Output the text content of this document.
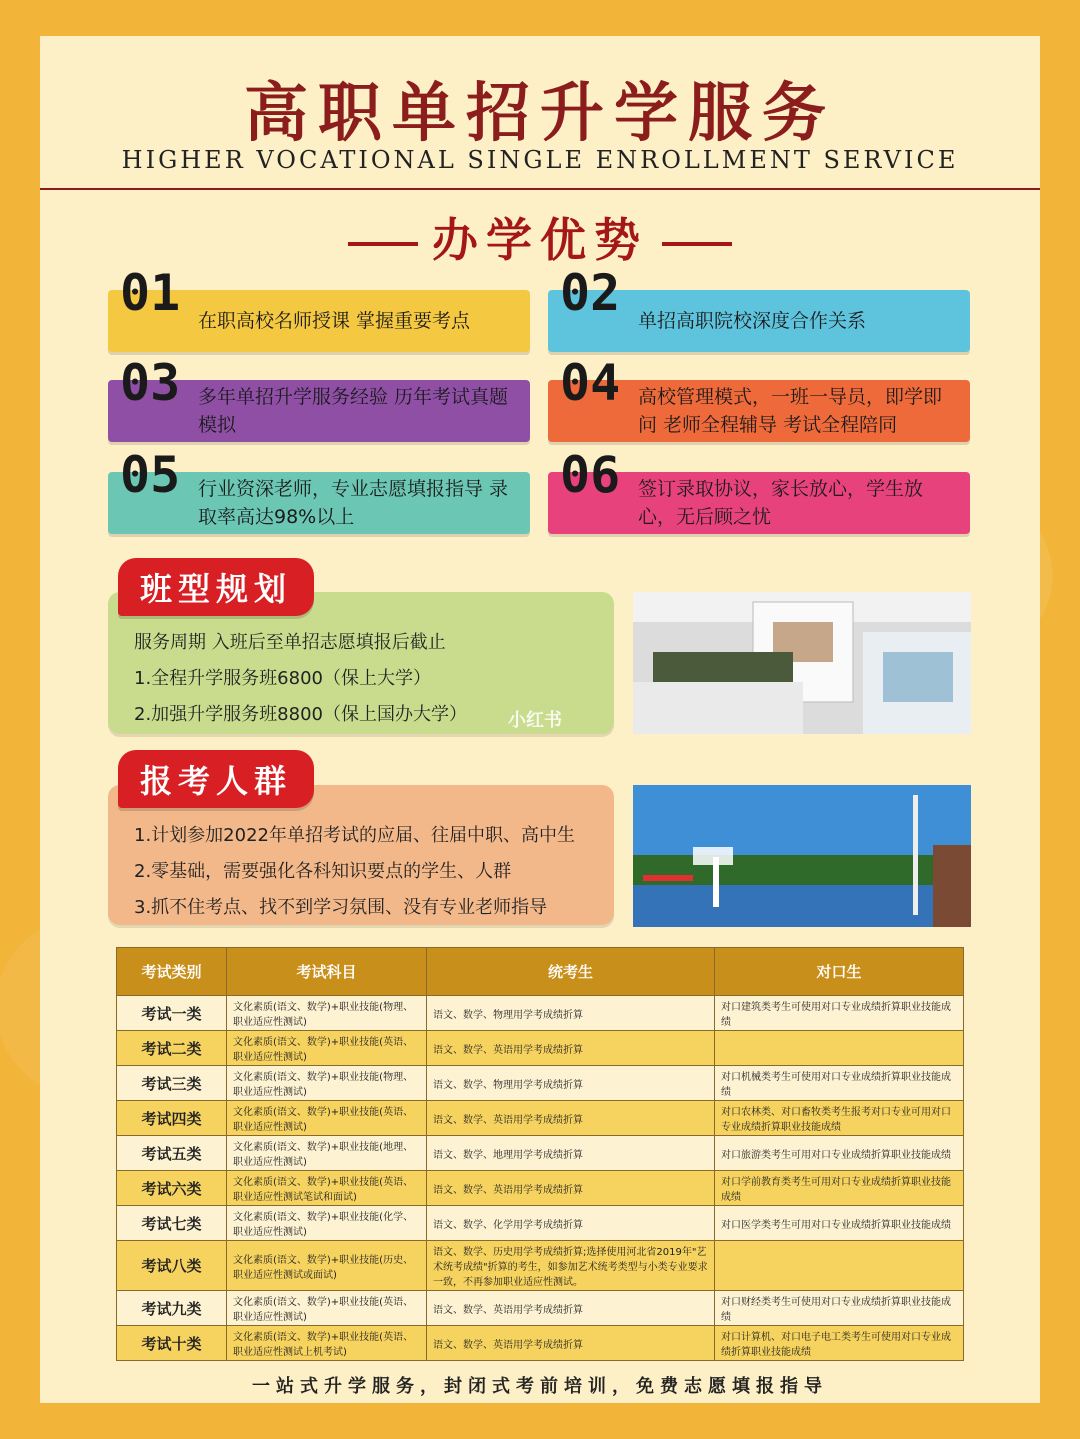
高职单招升学服务
HIGHER VOCATIONAL SINGLE ENROLLMENT SERVICE
办学优势
01 在职高校名师授课 掌握重要考点	02 单招高职院校深度合作关系
03 多年单招升学服务经验 历年考试真题模拟
04 高校管理模式，一班一导员，即学即问 老师全程辅导 考试全程陪同
05 行业资深老师，专业志愿填报指导 录取率高达98%以上
06 签订录取协议，家长放心，学生放心，无后顾之忧

服务周期 入班后至单招志愿填报后截止

1.全程升学服务班6800（保上大学）

2.加强升学服务班8800（保上国办大学）

班型规划
小红书

1.计划参加2022年单招考试的应届、往届中职、高中生

2.零基础，需要强化各科知识要点的学生、人群

3.抓不住考点、找不到学习氛围、没有专业老师指导

报考人群
考试类别	考试科目	统考生	对口生
考试一类	文化素质(语文、数学)+职业技能(物理、职业适应性测试)	语文、数学、物理用学考成绩折算	对口建筑类考生可使用对口专业成绩折算职业技能成绩
考试二类	文化素质(语文、数学)+职业技能(英语、职业适应性测试)	语文、数学、英语用学考成绩折算	
考试三类	文化素质(语文、数学)+职业技能(物理、职业适应性测试)	语文、数学、物理用学考成绩折算	对口机械类考生可使用对口专业成绩折算职业技能成绩
考试四类	文化素质(语文、数学)+职业技能(英语、职业适应性测试)	语文、数学、英语用学考成绩折算	对口农林类、对口畜牧类考生报考对口专业可用对口专业成绩折算职业技能成绩
考试五类	文化素质(语文、数学)+职业技能(地理、职业适应性测试)	语文、数学、地理用学考成绩折算	对口旅游类考生可用对口专业成绩折算职业技能成绩
考试六类	文化素质(语文、数学)+职业技能(英语、职业适应性测试笔试和面试)	语文、数学、英语用学考成绩折算	对口学前教育类考生可用对口专业成绩折算职业技能成绩
考试七类	文化素质(语文、数学)+职业技能(化学、职业适应性测试)	语文、数学、化学用学考成绩折算	对口医学类考生可用对口专业成绩折算职业技能成绩
考试八类	文化素质(语文、数学)+职业技能(历史、职业适应性测试或面试)	语文、数学、历史用学考成绩折算;选择使用河北省2019年"艺术统考成绩"折算的考生，如参加艺术统考类型与小类专业要求一致，不再参加职业适应性测试。	
考试九类	文化素质(语文、数学)+职业技能(英语、职业适应性测试)	语文、数学、英语用学考成绩折算	对口财经类考生可使用对口专业成绩折算职业技能成绩
考试十类	文化素质(语文、数学)+职业技能(英语、职业适应性测试上机考试)	语文、数学、英语用学考成绩折算	对口计算机、对口电子电工类考生可使用对口专业成绩折算职业技能成绩
一站式升学服务，封闭式考前培训，免费志愿填报指导
